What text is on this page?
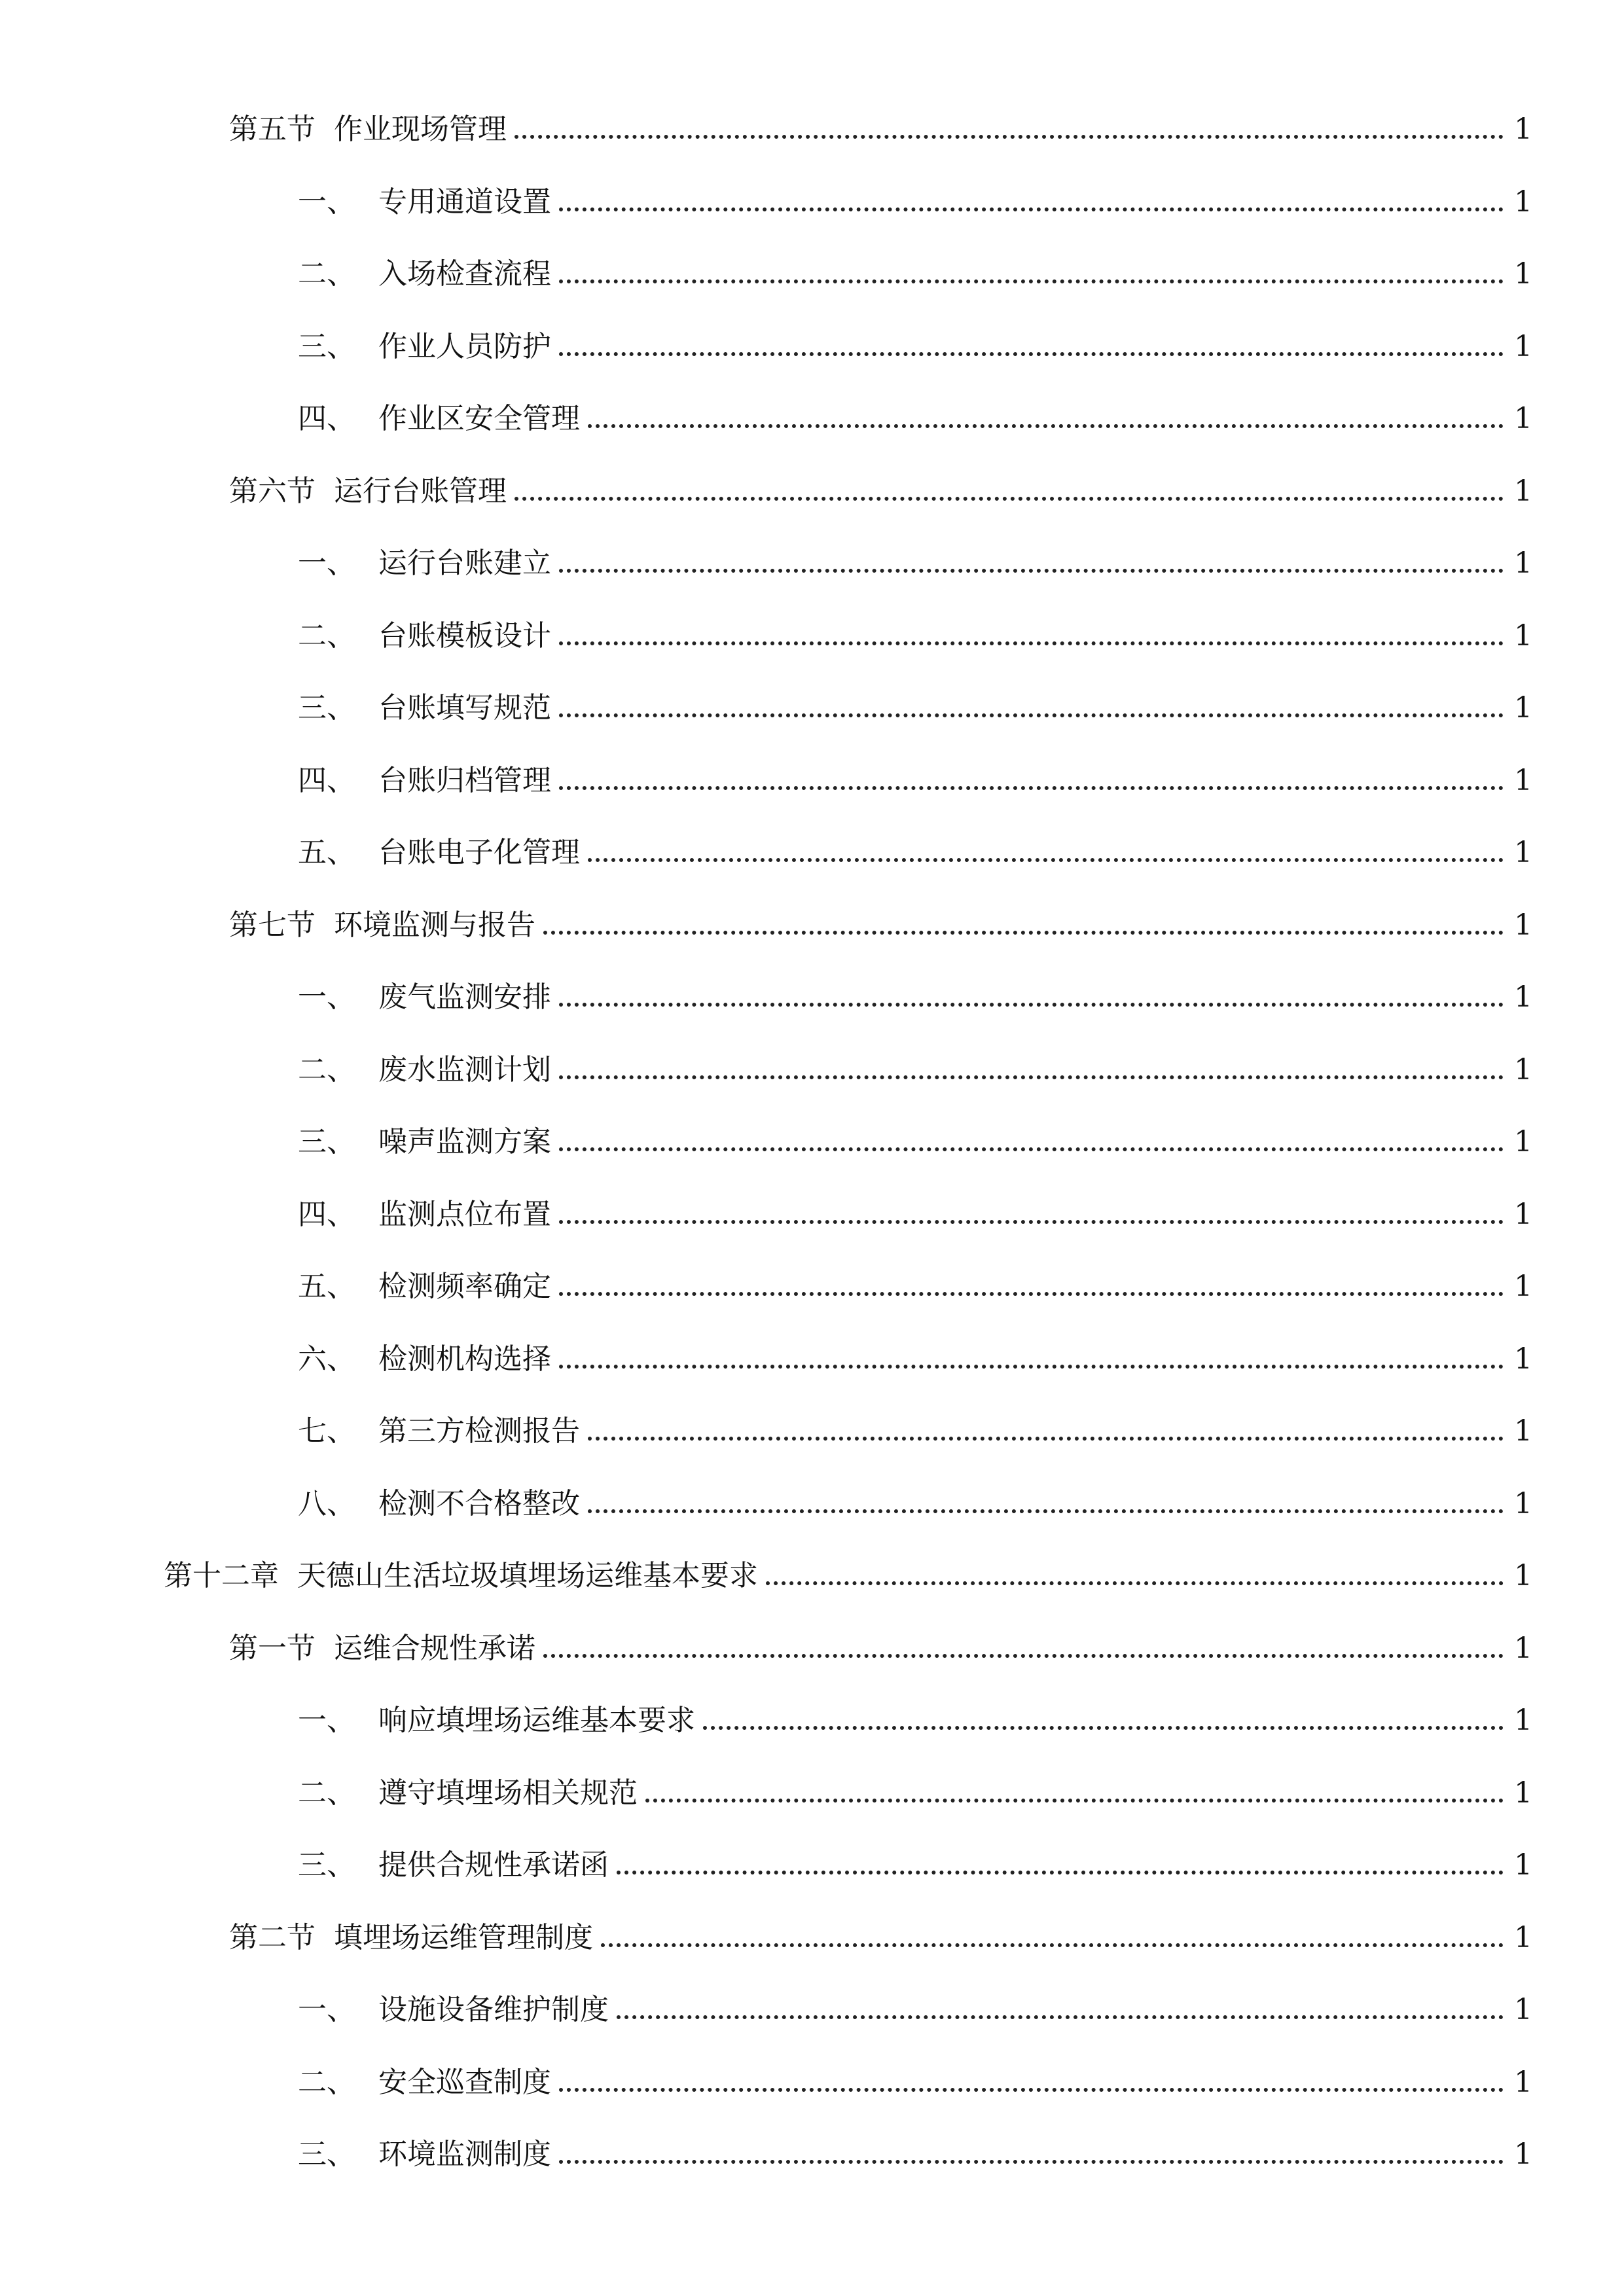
第五节 作业现场管理	1
一、 专用通道设置	1
二、 入场检查流程	1
三、 作业人员防护	1
四、 作业区安全管理	1
第六节 运行台账管理	1
一、 运行台账建立	1
二、 台账模板设计	1
三、 台账填写规范	1
四、 台账归档管理	1
五、 台账电子化管理	1
第七节 环境监测与报告	1
一、 废气监测安排	1
二、 废水监测计划	1
三、 噪声监测方案	1
四、 监测点位布置	1
五、 检测频率确定	1
六、 检测机构选择	1
七、 第三方检测报告	1
八、 检测不合格整改	1
第十二章 天德山生活垃圾填埋场运维基本要求	1
第一节 运维合规性承诺	1
一、 响应填埋场运维基本要求	1
二、 遵守填埋场相关规范	1
三、 提供合规性承诺函	1
第二节 填埋场运维管理制度	1
一、 设施设备维护制度	1
二、 安全巡查制度	1
三、 环境监测制度	1
